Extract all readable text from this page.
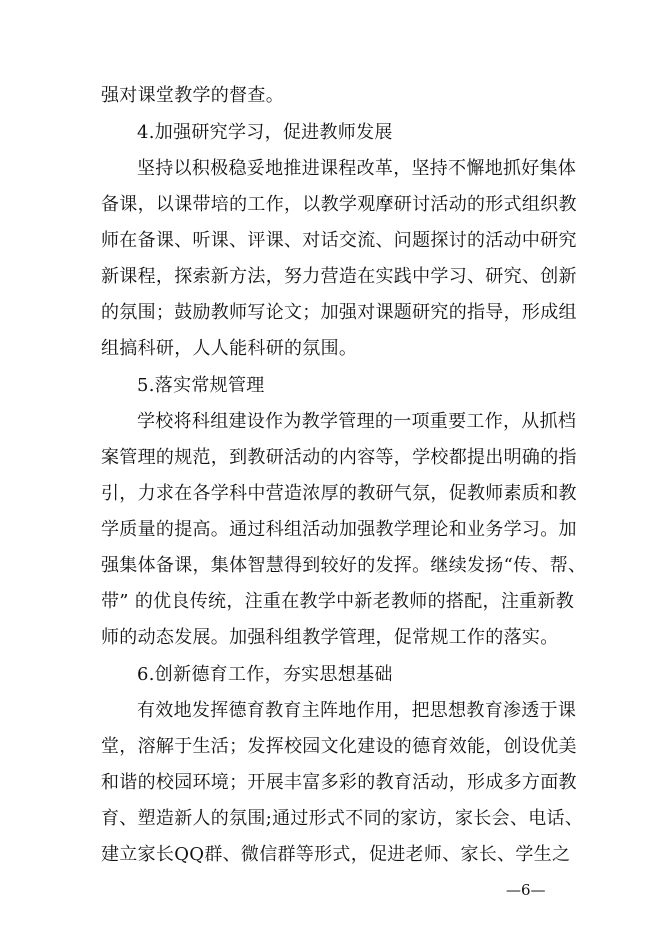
强对课堂教学的督查。
4.加强研究学习，促进教师发展
坚持以积极稳妥地推进课程改革，坚持不懈地抓好集体
备课，以课带培的工作，以教学观摩研讨活动的形式组织教
师在备课、听课、评课、对话交流、问题探讨的活动中研究
新课程，探索新方法，努力营造在实践中学习、研究、创新
的氛围；鼓励教师写论文；加强对课题研究的指导，形成组
组搞科研，人人能科研的氛围。
5.落实常规管理
学校将科组建设作为教学管理的一项重要工作，从抓档
案管理的规范，到教研活动的内容等，学校都提出明确的指
引，力求在各学科中营造浓厚的教研气氛，促教师素质和教
学质量的提高。通过科组活动加强教学理论和业务学习。加
强集体备课，集体智慧得到较好的发挥。继续发扬“传、帮、
带” 的优良传统，注重在教学中新老教师的搭配，注重新教
师的动态发展。加强科组教学管理，促常规工作的落实。
6.创新德育工作，夯实思想基础
有效地发挥德育教育主阵地作用，把思想教育渗透于课
堂，溶解于生活；发挥校园文化建设的德育效能，创设优美
和谐的校园环境；开展丰富多彩的教育活动，形成多方面教
育、塑造新人的氛围;通过形式不同的家访，家长会、电话、
建立家长QQ群、微信群等形式，促进老师、家长、学生之
—6—
